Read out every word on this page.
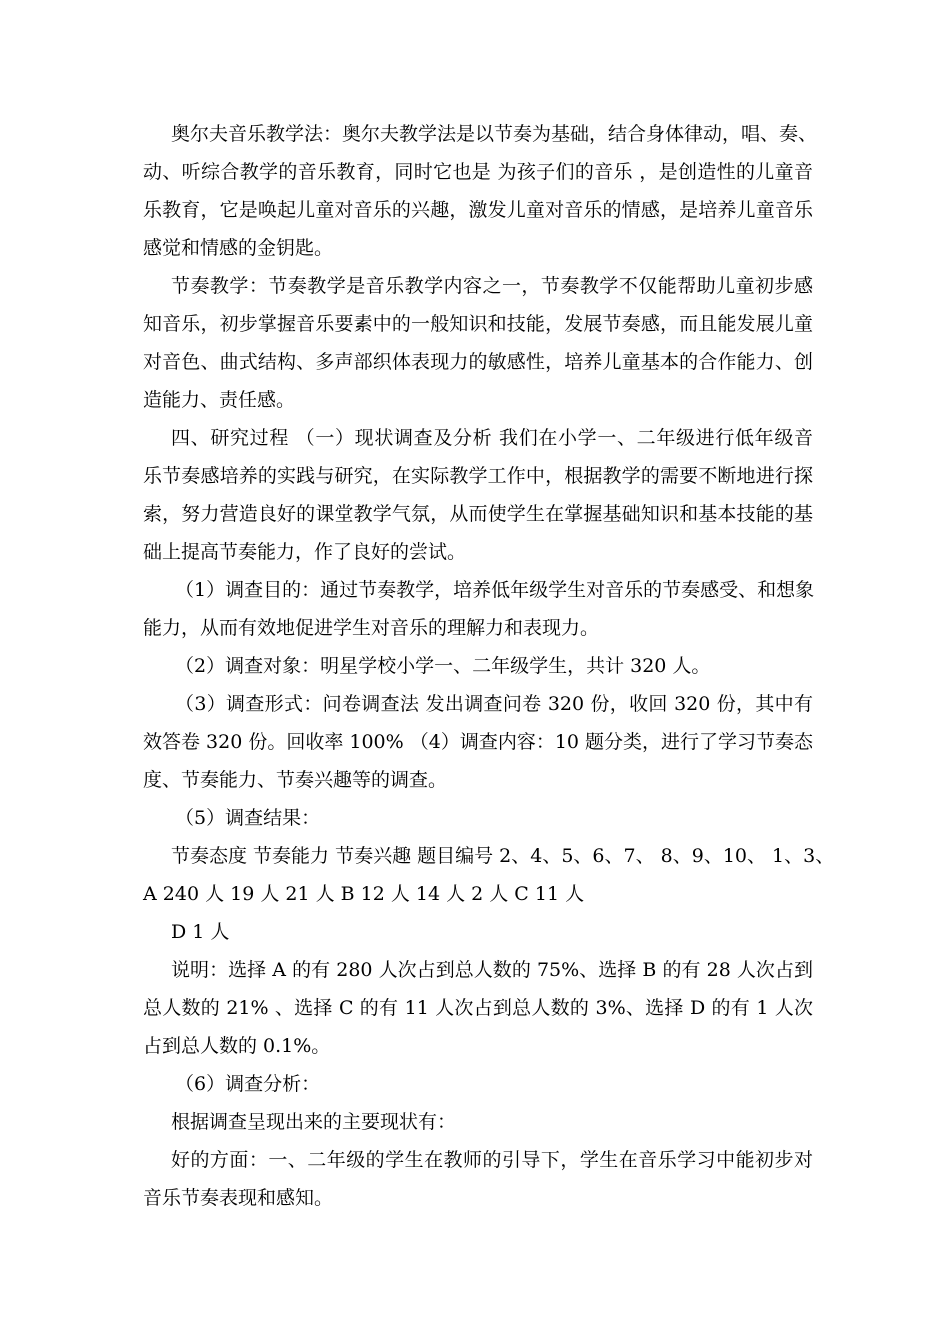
奥尔夫音乐教学法：奥尔夫教学法是以节奏为基础，结合身体律动，唱、奏、
动、听综合教学的音乐教育，同时它也是 为孩子们的音乐 ，是创造性的儿童音
乐教育，它是唤起儿童对音乐的兴趣，激发儿童对音乐的情感，是培养儿童音乐
感觉和情感的金钥匙。
节奏教学：节奏教学是音乐教学内容之一，节奏教学不仅能帮助儿童初步感
知音乐，初步掌握音乐要素中的一般知识和技能，发展节奏感，而且能发展儿童
对音色、曲式结构、多声部织体表现力的敏感性，培养儿童基本的合作能力、创
造能力、责任感。
四、研究过程 （一）现状调查及分析 我们在小学一、二年级进行低年级音
乐节奏感培养的实践与研究，在实际教学工作中，根据教学的需要不断地进行探
索，努力营造良好的课堂教学气氛，从而使学生在掌握基础知识和基本技能的基
础上提高节奏能力，作了良好的尝试。
（1）调查目的：通过节奏教学，培养低年级学生对音乐的节奏感受、和想象
能力，从而有效地促进学生对音乐的理解力和表现力。
（2）调查对象：明星学校小学一、二年级学生，共计 320 人。
（3）调查形式：问卷调查法 发出调查问卷 320 份，收回 320 份，其中有
效答卷 320 份。回收率 100% （4）调查内容：10 题分类，进行了学习节奏态
度、节奏能力、节奏兴趣等的调查。
（5）调查结果：
节奏态度 节奏能力 节奏兴趣 题目编号 2、4、5、6、7、 8、9、10、 1、3、
A 240 人 19 人 21 人 B 12 人 14 人 2 人 C 11 人
D 1 人
说明：选择 A 的有 280 人次占到总人数的 75%、选择 B 的有 28 人次占到
总人数的 21% 、选择 C 的有 11 人次占到总人数的 3%、选择 D 的有 1 人次
占到总人数的 0.1%。
（6）调查分析：
根据调查呈现出来的主要现状有：
好的方面：一、二年级的学生在教师的引导下，学生在音乐学习中能初步对
音乐节奏表现和感知。
